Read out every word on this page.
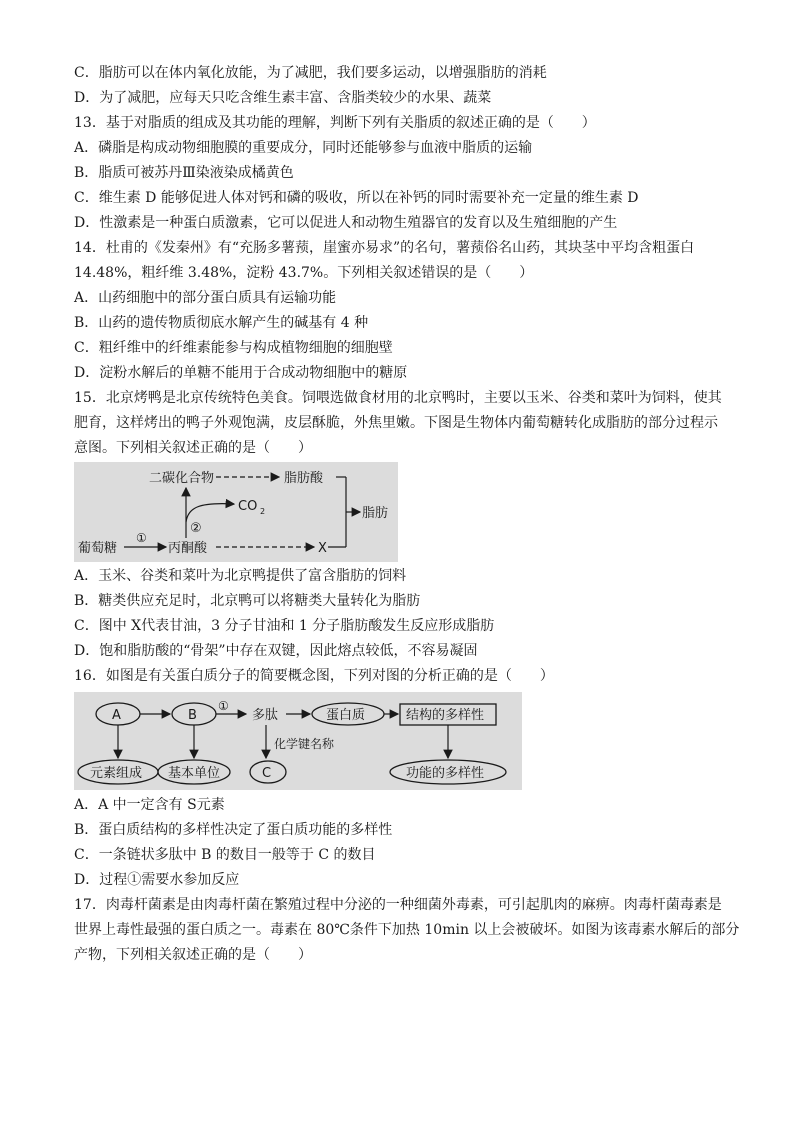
C．脂肪可以在体内氧化放能，为了减肥，我们要多运动，以增强脂肪的消耗
D．为了减肥，应每天只吃含维生素丰富、含脂类较少的水果、蔬菜
13．基于对脂质的组成及其功能的理解，判断下列有关脂质的叙述正确的是（　　）
A．磷脂是构成动物细胞膜的重要成分，同时还能够参与血液中脂质的运输
B．脂质可被苏丹Ⅲ染液染成橘黄色
C．维生素 D 能够促进人体对钙和磷的吸收，所以在补钙的同时需要补充一定量的维生素 D
D．性激素是一种蛋白质激素，它可以促进人和动物生殖器官的发育以及生殖细胞的产生
14．杜甫的《发秦州》有“充肠多薯蓣，崖蜜亦易求”的名句，薯蓣俗名山药，其块茎中平均含粗蛋白
14.48%，粗纤维 3.48%，淀粉 43.7%。下列相关叙述错误的是（　　）
A．山药细胞中的部分蛋白质具有运输功能
B．山药的遗传物质彻底水解产生的碱基有 4 种
C．粗纤维中的纤维素能参与构成植物细胞的细胞壁
D．淀粉水解后的单糖不能用于合成动物细胞中的糖原
15．北京烤鸭是北京传统特色美食。饲喂选做食材用的北京鸭时，主要以玉米、谷类和菜叶为饲料，使其
肥育，这样烤出的鸭子外观饱满，皮层酥脆，外焦里嫩。下图是生物体内葡萄糖转化成脂肪的部分过程示
意图。下列相关叙述正确的是（　　）
二碳化合物	脂肪酸
脂肪
CO 2
②
葡萄糖
①
丙酮酸	X
A．玉米、谷类和菜叶为北京鸭提供了富含脂肪的饲料
B．糖类供应充足时，北京鸭可以将糖类大量转化为脂肪
C．图中 X代表甘油，3 分子甘油和 1 分子脂肪酸发生反应形成脂肪
D．饱和脂肪酸的“骨架”中存在双键，因此熔点较低，不容易凝固
16．如图是有关蛋白质分子的简要概念图，下列对图的分析正确的是（　　）
A	B
①
多肽	蛋白质	结构的多样性
元素组成 基本单位
化学键名称
C	功能的多样性
A．A 中一定含有 S元素
B．蛋白质结构的多样性决定了蛋白质功能的多样性
C．一条链状多肽中 B 的数目一般等于 C 的数目
D．过程①需要水参加反应
17．肉毒杆菌素是由肉毒杆菌在繁殖过程中分泌的一种细菌外毒素，可引起肌肉的麻痹。肉毒杆菌毒素是
世界上毒性最强的蛋白质之一。毒素在 80℃条件下加热 10min 以上会被破坏。如图为该毒素水解后的部分
产物，下列相关叙述正确的是（　　）
